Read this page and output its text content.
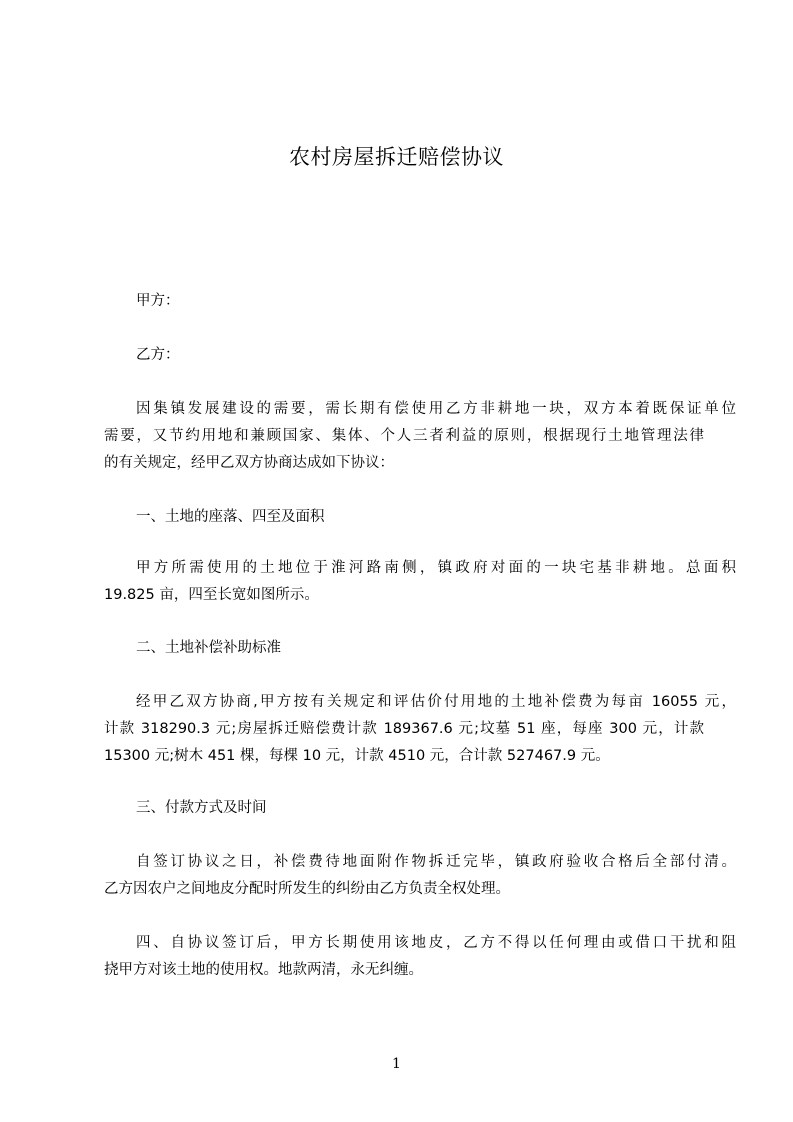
农村房屋拆迁赔偿协议
甲方：
乙方：
因集镇发展建设的需要，需长期有偿使用乙方非耕地一块，双方本着既保证单位
需要，又节约用地和兼顾国家、集体、个人三者利益的原则，根据现行土地管理法律
的有关规定，经甲乙双方协商达成如下协议：
一、土地的座落、四至及面积
甲方所需使用的土地位于淮河路南侧，镇政府对面的一块宅基非耕地。总面积
19.825 亩，四至长宽如图所示。
二、土地补偿补助标准
经甲乙双方协商,甲方按有关规定和评估价付用地的土地补偿费为每亩 16055 元，
计款 318290.3 元;房屋拆迁赔偿费计款 189367.6 元;坟墓 51 座，每座 300 元，计款
15300 元;树木 451 棵，每棵 10 元，计款 4510 元，合计款 527467.9 元。
三、付款方式及时间
自签订协议之日，补偿费待地面附作物拆迁完毕，镇政府验收合格后全部付清。
乙方因农户之间地皮分配时所发生的纠纷由乙方负责全权处理。
四、自协议签订后，甲方长期使用该地皮，乙方不得以任何理由或借口干扰和阻
挠甲方对该土地的使用权。地款两清，永无纠缠。
1
